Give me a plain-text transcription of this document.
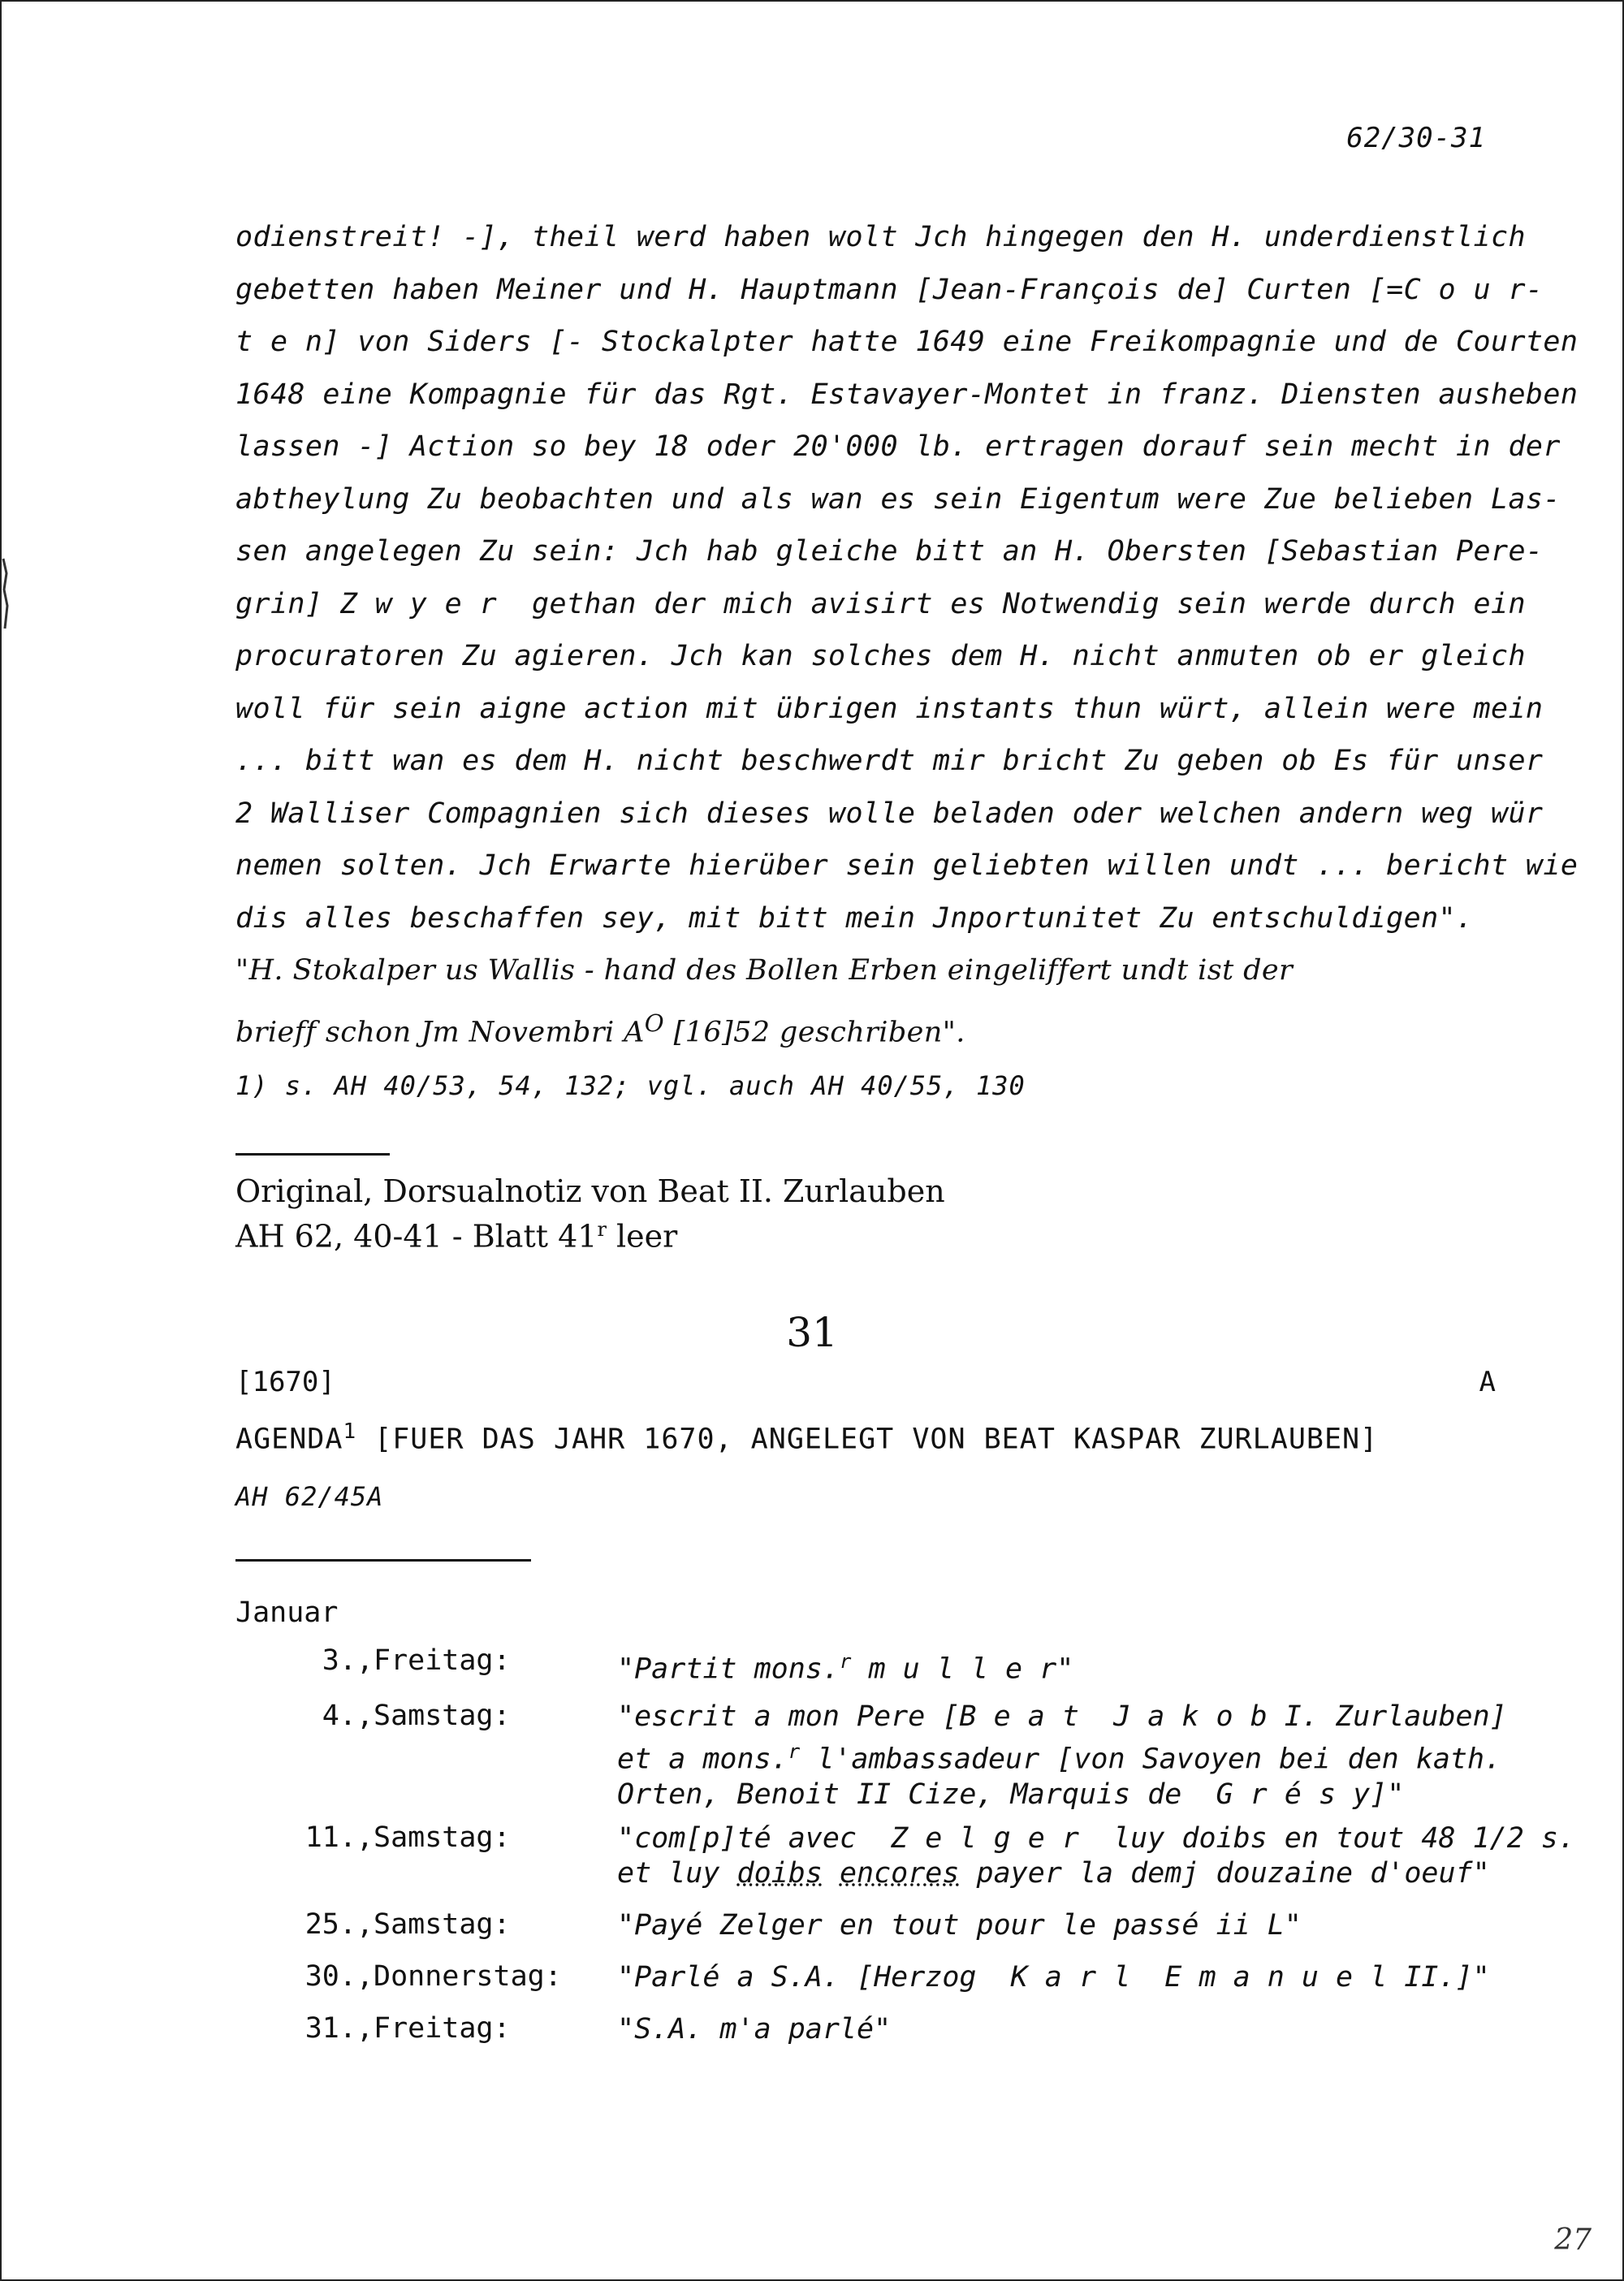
62/30-31
odienstreit! -], theil werd haben wolt Jch hingegen den H. underdienstlich
gebetten haben Meiner und H. Hauptmann [Jean-François de] Curten [=C o u r-
t e n] von Siders [- Stockalpter hatte 1649 eine Freikompagnie und de Courten
1648 eine Kompagnie für das Rgt. Estavayer-Montet in franz. Diensten ausheben
lassen -] Action so bey 18 oder 20'000 lb. ertragen dorauf sein mecht in der
abtheylung Zu beobachten und als wan es sein Eigentum were Zue belieben Las-
sen angelegen Zu sein: Jch hab gleiche bitt an H. Obersten [Sebastian Pere-
grin] Z w y e r  gethan der mich avisirt es Notwendig sein werde durch ein
procuratoren Zu agieren. Jch kan solches dem H. nicht anmuten ob er gleich
woll für sein aigne action mit übrigen instants thun würt, allein were mein
... bitt wan es dem H. nicht beschwerdt mir bricht Zu geben ob Es für unser
2 Walliser Compagnien sich dieses wolle beladen oder welchen andern weg wür
nemen solten. Jch Erwarte hierüber sein geliebten willen undt ... bericht wie
dis alles beschaffen sey, mit bitt mein Jnportunitet Zu entschuldigen".
"H. Stokalper us Wallis - hand des Bollen Erben eingeliffert undt ist der
brieff schon Jm Novembri $A^O$ [16]52 geschriben".
1) s. AH 40/53, 54, 132; vgl. auch AH 40/55, 130
Original, Dorsualnotiz von Beat II. Zurlauben
AH 62, 40-41 - Blatt 41$^r$ leer
31
[1670]	A
AGENDA$^1$ [FUER DAS JAHR 1670, ANGELEGT VON BEAT KASPAR ZURLAUBEN]
AH 62/45A
Januar
3., Freitag:	"Partit mons.$^r$ m u l l e r"
4., Samstag:	"escrit a mon Pere [B e a t  J a k o b I. Zurlauben]
et a mons.$^r$ l'ambassadeur [von Savoyen bei den kath.
Orten, Benoit II Cize, Marquis de  G r é s y]"
11., Samstag:	"com[p]té avec  Z e l g e r  luy doibs en tout 48 1/2 s.
et luy doibs encores payer la demj douzaine d'oeuf"
25., Samstag:	"Payé Zelger en tout pour le passé ii L"
30., Donnerstag: "Parlé a S.A. [Herzog  K a r l  E m a n u e l II.]"
31., Freitag:	"S.A. m'a parlé"
27
